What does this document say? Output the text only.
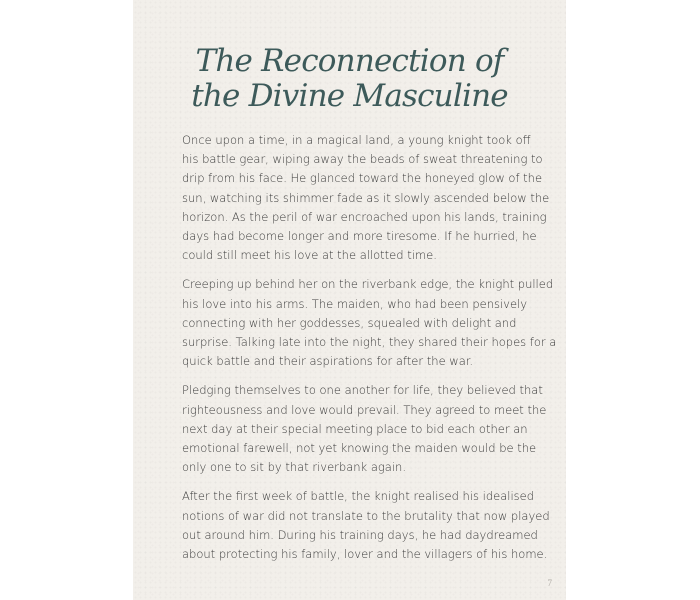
The Reconnection of
the Divine Masculine
Once upon a time, in a magical land, a young knight took off
his battle gear, wiping away the beads of sweat threatening to
drip from his face. He glanced toward the honeyed glow of the
sun, watching its shimmer fade as it slowly ascended below the
horizon. As the peril of war encroached upon his lands, training
days had become longer and more tiresome. If he hurried, he
could still meet his love at the allotted time.
Creeping up behind her on the riverbank edge, the knight pulled
his love into his arms. The maiden, who had been pensively
connecting with her goddesses, squealed with delight and
surprise. Talking late into the night, they shared their hopes for a
quick battle and their aspirations for after the war.
Pledging themselves to one another for life, they believed that
righteousness and love would prevail. They agreed to meet the
next day at their special meeting place to bid each other an
emotional farewell, not yet knowing the maiden would be the
only one to sit by that riverbank again.
After the first week of battle, the knight realised his idealised
notions of war did not translate to the brutality that now played
out around him. During his training days, he had daydreamed
about protecting his family, lover and the villagers of his home.
7
